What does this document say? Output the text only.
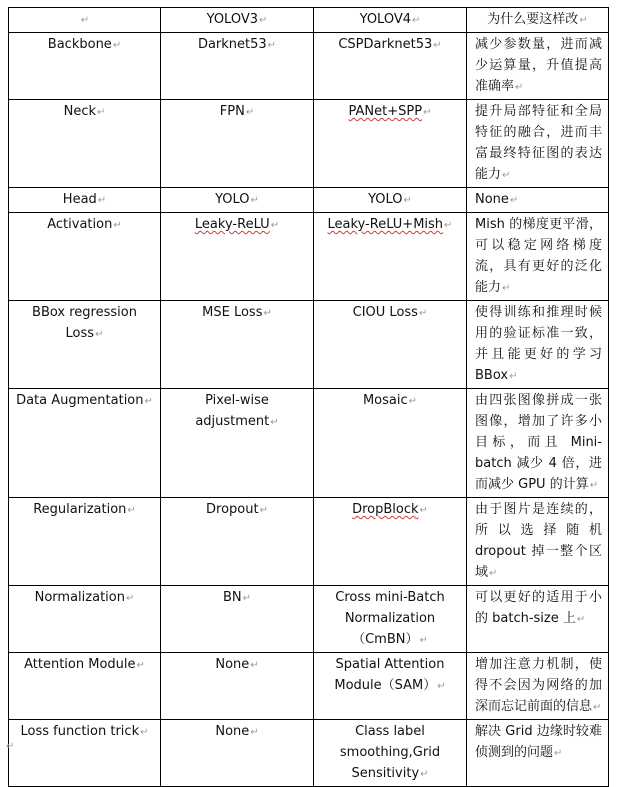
↵	YOLOV3↵	YOLOV4↵	为什么要这样改↵
Backbone↵	Darknet53↵	CSPDarknet53↵	减少参数量，进而减少运算量，升值提高准确率↵
Neck↵	FPN↵	PANet+SPP↵	提升局部特征和全局特征的融合，进而丰富最终特征图的表达能力↵
Head↵	YOLO↵	YOLO↵	None↵
Activation↵	Leaky-ReLU↵	Leaky-ReLU+Mish↵	Mish 的梯度更平滑，可以稳定网络梯度流，具有更好的泛化能力↵
BBox regression Loss↵	MSE Loss↵	CIOU Loss↵	使得训练和推理时候用的验证标准一致，并且能更好的学习BBox↵
Data Augmentation↵	Pixel-wise adjustment↵	Mosaic↵	由四张图像拼成一张图像，增加了许多小目标，而且 Mini-batch 减少 4 倍，进而减少 GPU 的计算↵
Regularization↵	Dropout↵	DropBlock↵	由于图片是连续的，所以选择随机 dropout 掉一整个区域↵
Normalization↵	BN↵	Cross mini-Batch Normalization（CmBN）↵	可以更好的适用于小的 batch-size 上↵
Attention Module↵	None↵	Spatial Attention Module（SAM）↵	增加注意力机制，使得不会因为网络的加深而忘记前面的信息↵
Loss function trick↵	None↵	Class label smoothing,Grid Sensitivity↵	解决 Grid 边缘时较难侦测到的问题↵
↵
